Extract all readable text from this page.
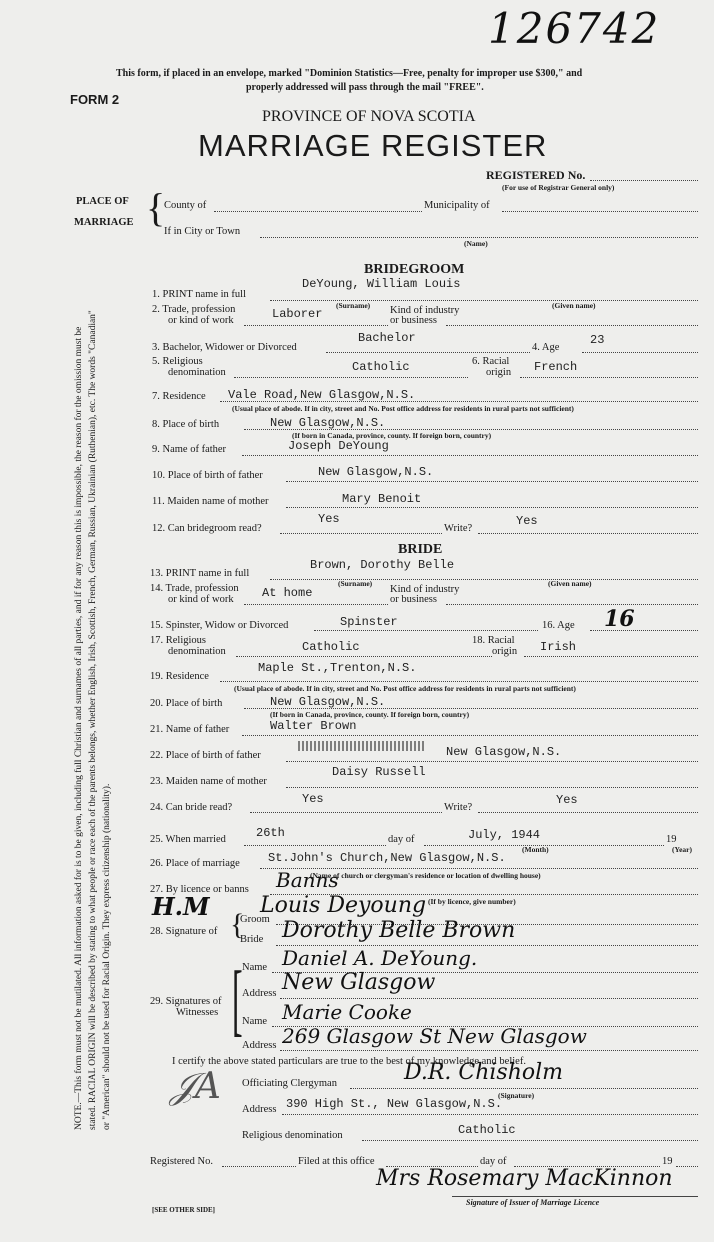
126742
This form, if placed in an envelope, marked "Dominion Statistics—Free, penalty for improper use $300," and
properly addressed will pass through the mail "FREE".
FORM 2
PROVINCE OF NOVA SCOTIA
MARRIAGE REGISTER
REGISTERED No.
(For use of Registrar General only)
PLACE OF
MARRIAGE {
County of	Municipality of
If in City or Town
(Name)
NOTE.—This form must not be mutilated. All information asked for is to be given, including full Christian and surnames of all parties, and if for any reason this is impossible, the reason for the omission must be stated. RACIAL ORIGIN will be described by stating to what people or race each of the parents belongs, whether English, Irish, Scottish, French, German, Russian, Ukrainian (Ruthenian), etc. The words "Canadian" or "American" should not be used for Racial Origin. They express citizenship (nationality).
BRIDEGROOM
1. PRINT name in full
DeYoung, William Louis
(Surname)	(Given name)
2. Trade, profession
or kind of work	Laborer	Kind of industry
or business
3. Bachelor, Widower or Divorced
Bachelor
4. Age
23
5. Religious
denomination	Catholic	6. Racial
origin French
7. Residence Vale Road,New Glasgow,N.S.
(Usual place of abode. If in city, street and No. Post office address for residents in rural parts not sufficient)
8. Place of birth	New Glasgow,N.S.
(If born in Canada, province, county. If foreign born, country)
9. Name of father	Joseph DeYoung
10. Place of birth of father	New Glasgow,N.S.
11. Maiden name of mother	Mary Benoit
12. Can bridegroom read?
Yes
Write?
Yes
BRIDE
13. PRINT name in full
Brown, Dorothy Belle
(Surname)	(Given name)
14. Trade, profession
or kind of work At home	Kind of industry
or business
15. Spinster, Widow or Divorced	Spinster	16. Age 16
17. Religious
denomination	Catholic	18. Racial
origin Irish
19. Residence
Maple St.,Trenton,N.S.
(Usual place of abode. If in city, street and No. Post office address for residents in rural parts not sufficient)
20. Place of birth	New Glasgow,N.S.
(If born in Canada, province, county. If foreign born, country)
21. Name of father	Walter Brown
22. Place of birth of father	New Glasgow,N.S.
23. Maiden name of mother
Daisy Russell
24. Can bride read?
Yes
Write?
Yes
25. When married	26th	day of	July, 1944
(Month)
19
(Year)
26. Place of marriage St.John's Church,New Glasgow,N.S.
(Name of church or clergyman's residence or location of dwelling house)
27. By licence or banns Banns
(If by licence, give number)
H.M
28. Signature of
Groom
Louis Deyoung
{
Bride Dorothy Belle Brown
[
29. Signatures of
Witnesses
Name Daniel A. DeYoung.
Address New Glasgow
Name Marie Cooke
Address 269 Glasgow St New Glasgow
I certify the above stated particulars are true to the best of my knowledge and belief.
𝒥A Officiating Clergyman	D.R. Chisholm
(Signature)
Address 390 High St., New Glasgow,N.S.
Religious denomination	Catholic
Registered No.	Filed at this office	day of	19
Mrs Rosemary MacKinnon
Signature of Issuer of Marriage Licence
[SEE OTHER SIDE]
